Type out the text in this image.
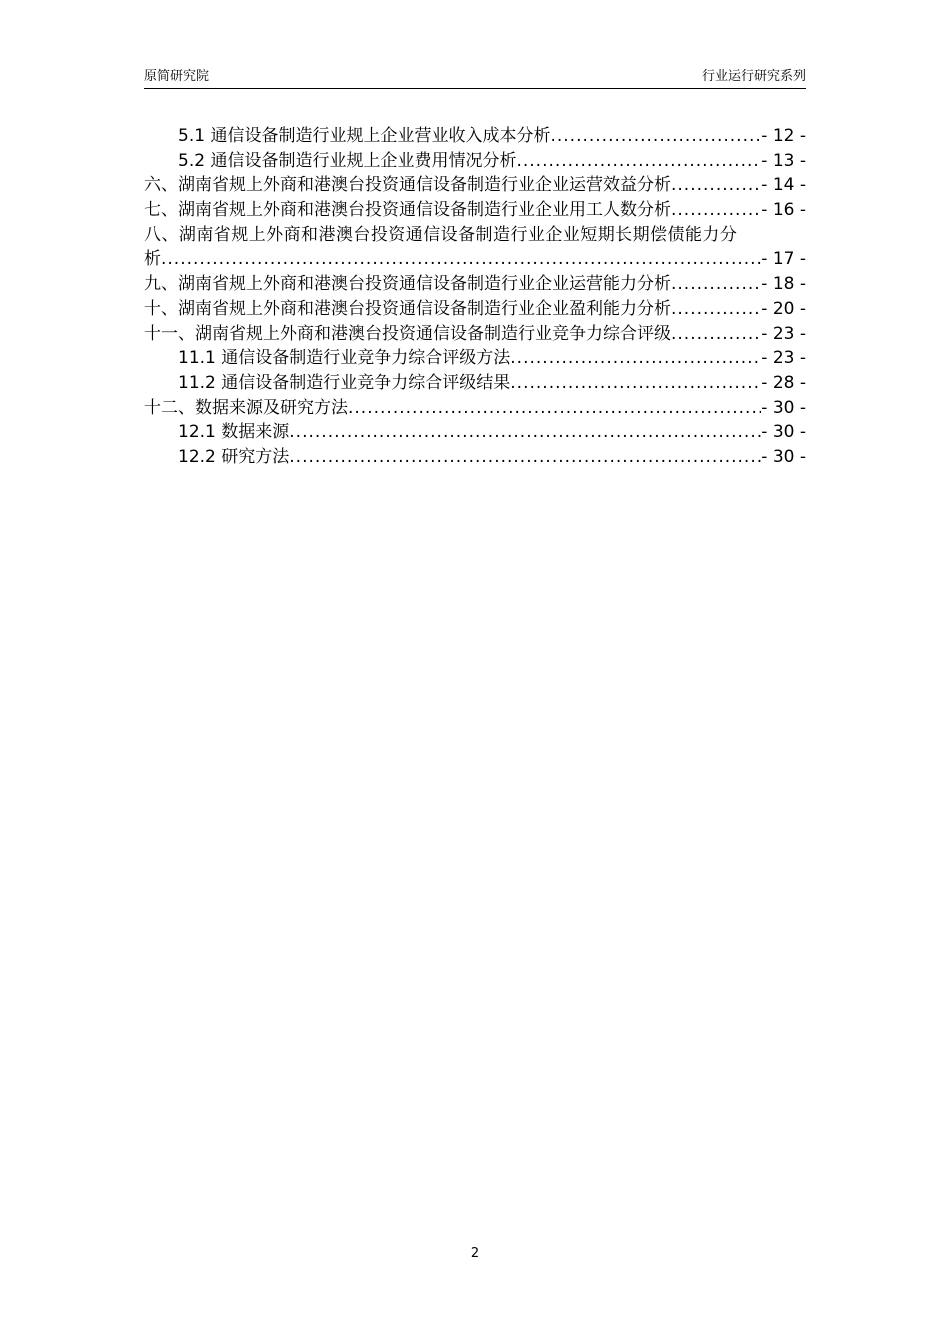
原简研究院	行业运行研究系列
5.1 通信设备制造行业规上企业营业收入成本分析 .....	- 12 -
5.2 通信设备制造行业规上企业费用情况分析 .....	- 13 -
六、湖南省规上外商和港澳台投资通信设备制造行业企业运营效益分析 .....	- 14 -
七、湖南省规上外商和港澳台投资通信设备制造行业企业用工人数分析 .....	- 16 -
八、湖南省规上外商和港澳台投资通信设备制造行业企业短期长期偿债能力分
析 .....	- 17 -
九、湖南省规上外商和港澳台投资通信设备制造行业企业运营能力分析 .....	- 18 -
十、湖南省规上外商和港澳台投资通信设备制造行业企业盈利能力分析 .....	- 20 -
十一、湖南省规上外商和港澳台投资通信设备制造行业竞争力综合评级 .....	- 23 -
11.1 通信设备制造行业竞争力综合评级方法 .....	- 23 -
11.2 通信设备制造行业竞争力综合评级结果 .....	- 28 -
十二、数据来源及研究方法 .....	- 30 -
12.1 数据来源 .....	- 30 -
12.2 研究方法 .....	- 30 -
2
